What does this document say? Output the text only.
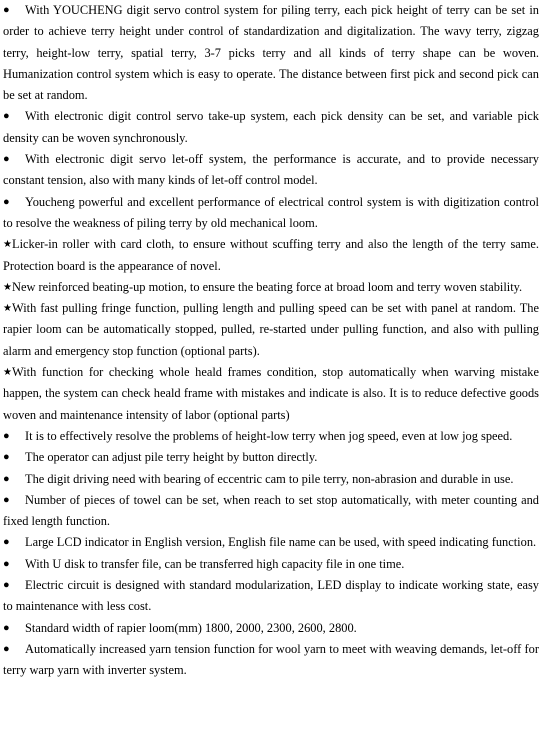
● With YOUCHENG digit servo control system for piling terry, each pick height of terry can be set in order to achieve terry height under control of standardization and digitalization. The wavy terry, zigzag terry, height-low terry, spatial terry, 3-7 picks terry and all kinds of terry shape can be woven. Humanization control system which is easy to operate. The distance between first pick and second pick can be set at random.

● With electronic digit control servo take-up system, each pick density can be set, and variable pick density can be woven synchronously.

● With electronic digit servo let-off system, the performance is accurate, and to provide necessary constant tension, also with many kinds of let-off control model.

● Youcheng powerful and excellent performance of electrical control system is with digitization control to resolve the weakness of piling terry by old mechanical loom.

★Licker-in roller with card cloth, to ensure without scuffing terry and also the length of the terry same. Protection board is the appearance of novel.

★New reinforced beating-up motion, to ensure the beating force at broad loom and terry woven stability.

★With fast pulling fringe function, pulling length and pulling speed can be set with panel at random. The rapier loom can be automatically stopped, pulled, re-started under pulling function, and also with pulling alarm and emergency stop function (optional parts).

★With function for checking whole heald frames condition, stop automatically when warving mistake happen, the system can check heald frame with mistakes and indicate is also. It is to reduce defective goods woven and maintenance intensity of labor (optional parts)

● It is to effectively resolve the problems of height-low terry when jog speed, even at low jog speed.

● The operator can adjust pile terry height by button directly.

● The digit driving need with bearing of eccentric cam to pile terry, non-abrasion and durable in use.

● Number of pieces of towel can be set, when reach to set stop automatically, with meter counting and fixed length function.

● Large LCD indicator in English version, English file name can be used, with speed indicating function.

● With U disk to transfer file, can be transferred high capacity file in one time.

● Electric circuit is designed with standard modularization, LED display to indicate working state, easy to maintenance with less cost.

● Standard width of rapier loom(mm) 1800, 2000, 2300, 2600, 2800.

● Automatically increased yarn tension function for wool yarn to meet with weaving demands, let-off for terry warp yarn with inverter system.
